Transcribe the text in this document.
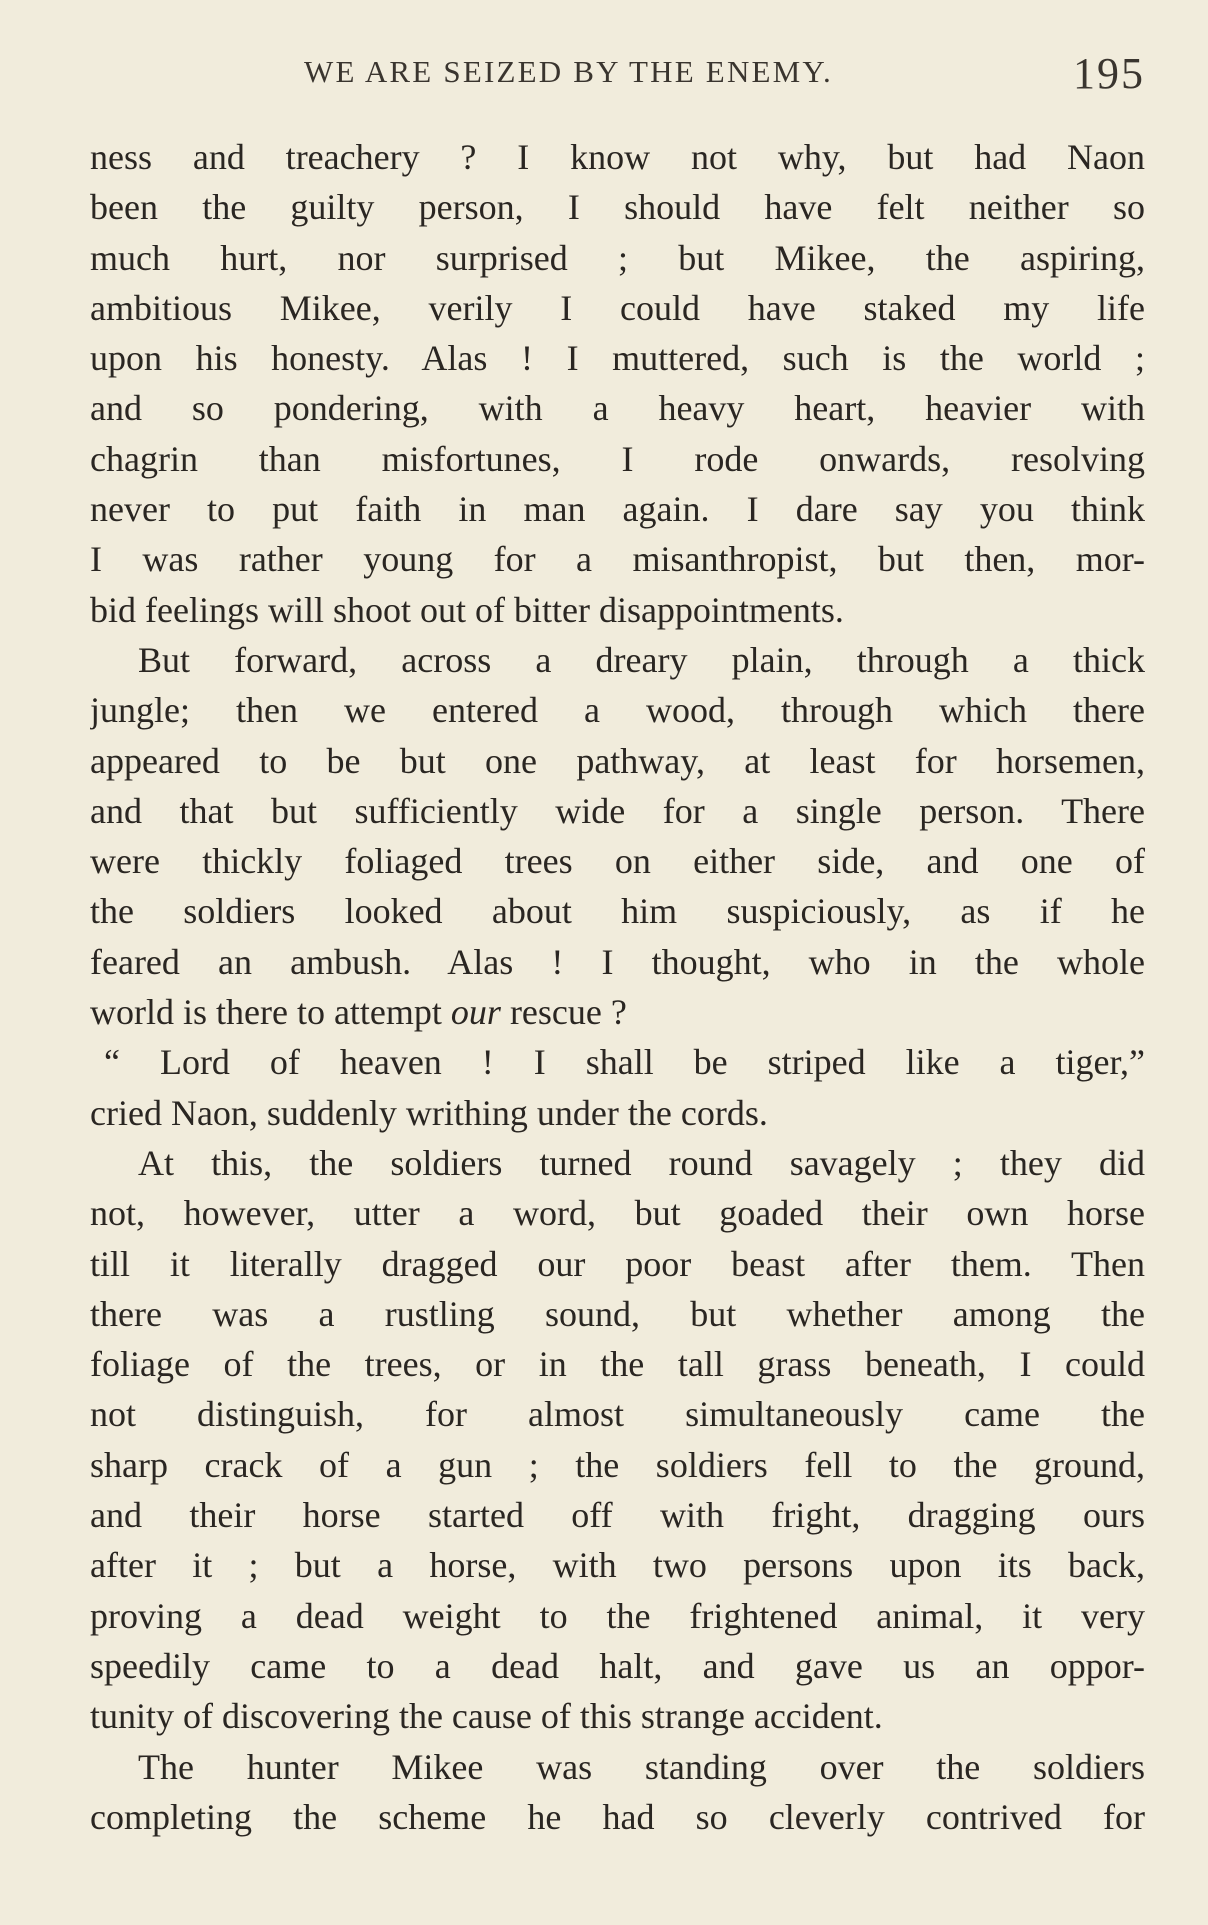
WE ARE SEIZED BY THE ENEMY.	195
ness and treachery ? I know not why, but had Naon
been the guilty person, I should have felt neither so
much hurt, nor surprised ; but Mikee, the aspiring,
ambitious Mikee, verily I could have staked my life
upon his honesty. Alas ! I muttered, such is the world ;
and so pondering, with a heavy heart, heavier with
chagrin than misfortunes, I rode onwards, resolving
never to put faith in man again. I dare say you think
I was rather young for a misanthropist, but then, mor-
bid feelings will shoot out of bitter disappointments.
But forward, across a dreary plain, through a thick
jungle; then we entered a wood, through which there
appeared to be but one pathway, at least for horsemen,
and that but sufficiently wide for a single person. There
were thickly foliaged trees on either side, and one of
the soldiers looked about him suspiciously, as if he
feared an ambush. Alas ! I thought, who in the whole
world is there to attempt our rescue ?
“ Lord of heaven ! I shall be striped like a tiger,”
cried Naon, suddenly writhing under the cords.
At this, the soldiers turned round savagely ; they did
not, however, utter a word, but goaded their own horse
till it literally dragged our poor beast after them. Then
there was a rustling sound, but whether among the
foliage of the trees, or in the tall grass beneath, I could
not distinguish, for almost simultaneously came the
sharp crack of a gun ; the soldiers fell to the ground,
and their horse started off with fright, dragging ours
after it ; but a horse, with two persons upon its back,
proving a dead weight to the frightened animal, it very
speedily came to a dead halt, and gave us an oppor-
tunity of discovering the cause of this strange accident.
The hunter Mikee was standing over the soldiers
completing the scheme he had so cleverly contrived for
